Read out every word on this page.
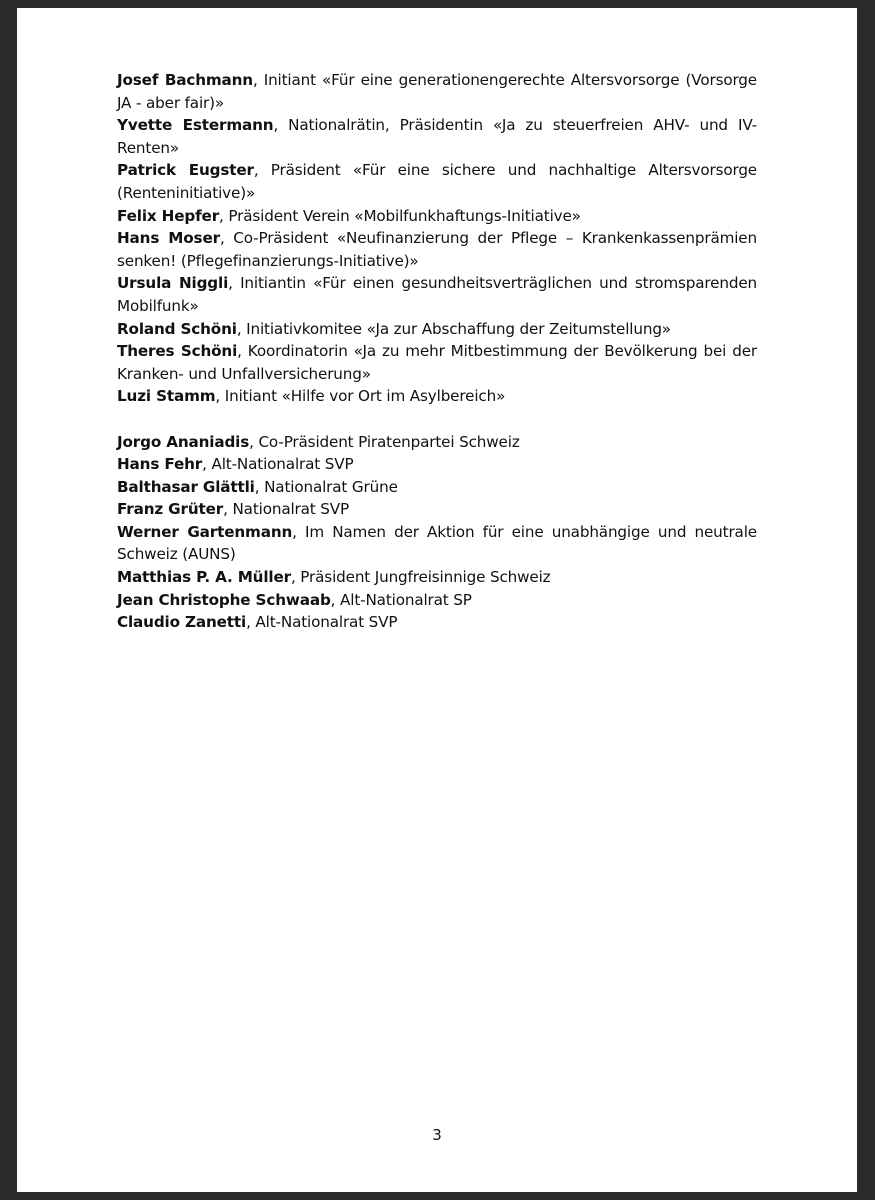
Josef Bachmann, Initiant «Für eine generationengerechte Altersvorsorge (Vorsorge JA - aber fair)»

Yvette Estermann, Nationalrätin, Präsidentin «Ja zu steuerfreien AHV- und IV-Renten»

Patrick Eugster, Präsident «Für eine sichere und nachhaltige Altersvorsorge (Renteninitiative)»

Felix Hepfer, Präsident Verein «Mobilfunkhaftungs-Initiative»

Hans Moser, Co-Präsident «Neufinanzierung der Pflege – Krankenkassenprämien senken! (Pflegefinanzierungs-Initiative)»

Ursula Niggli, Initiantin «Für einen gesundheitsverträglichen und stromsparenden Mobilfunk»

Roland Schöni, Initiativkomitee «Ja zur Abschaffung der Zeitumstellung»

Theres Schöni, Koordinatorin «Ja zu mehr Mitbestimmung der Bevölkerung bei der Kranken- und Unfallversicherung»

Luzi Stamm, Initiant «Hilfe vor Ort im Asylbereich»

Jorgo Ananiadis, Co-Präsident Piratenpartei Schweiz

Hans Fehr, Alt-Nationalrat SVP

Balthasar Glättli, Nationalrat Grüne

Franz Grüter, Nationalrat SVP

Werner Gartenmann, Im Namen der Aktion für eine unabhängige und neutrale Schweiz (AUNS)

Matthias P. A. Müller, Präsident Jungfreisinnige Schweiz

Jean Christophe Schwaab, Alt-Nationalrat SP

Claudio Zanetti, Alt-Nationalrat SVP

3
